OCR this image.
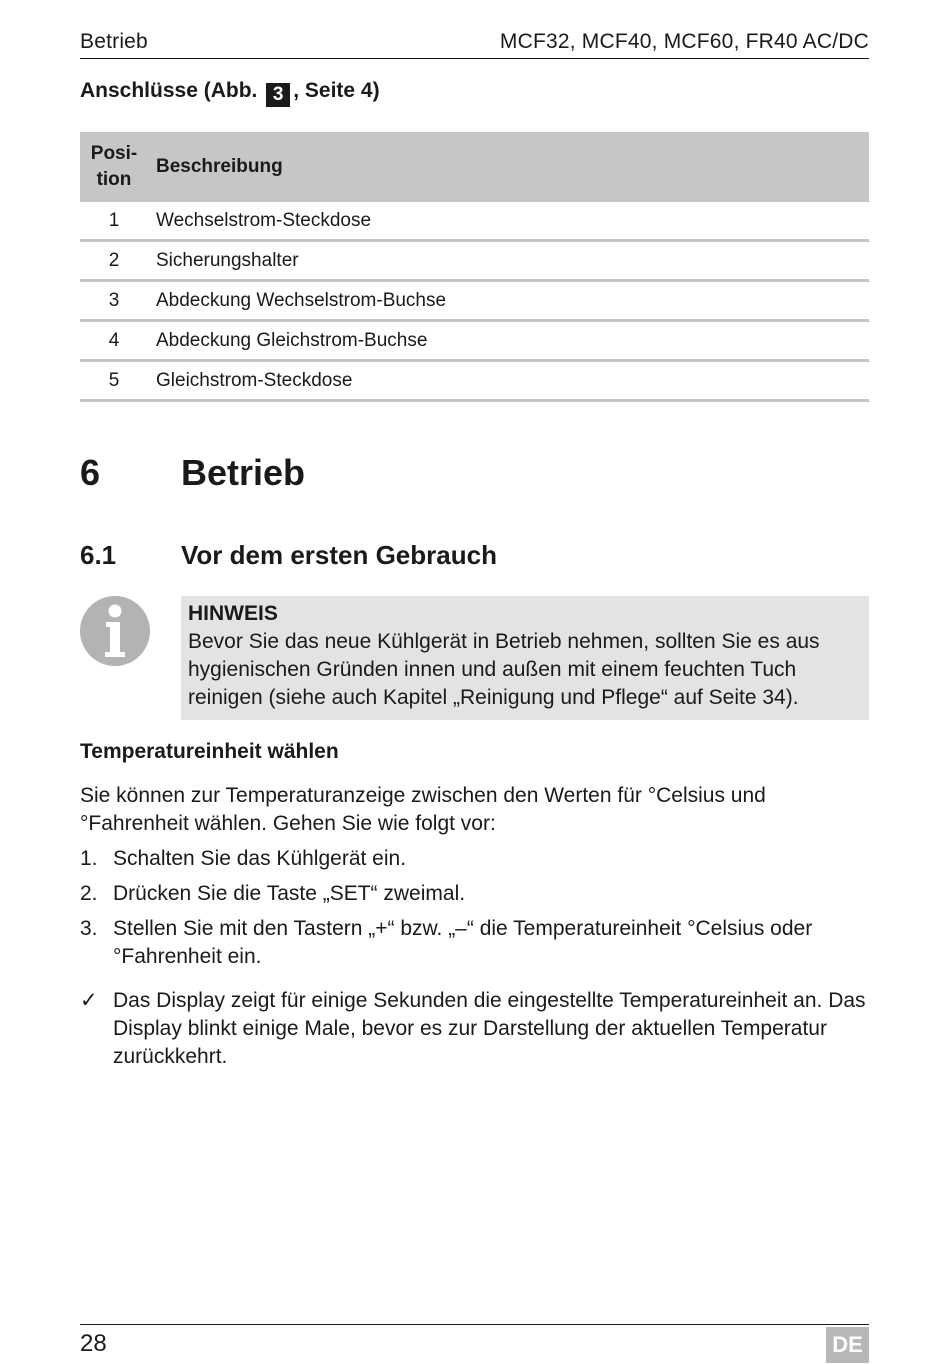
Betrieb	MCF32, MCF40, MCF60, FR40 AC/DC
Anschlüsse (Abb. 3 , Seite 4)
Posi-
tion	Beschreibung
1	Wechselstrom-Steckdose
2	Sicherungshalter
3	Abdeckung Wechselstrom-Buchse
4	Abdeckung Gleichstrom-Buchse
5	Gleichstrom-Steckdose
6	Betrieb
6.1	Vor dem ersten Gebrauch
HINWEIS
Bevor Sie das neue Kühlgerät in Betrieb nehmen, sollten Sie es aus hygienischen Gründen innen und außen mit einem feuchten Tuch reinigen (siehe auch Kapitel „Reinigung und Pflege“ auf Seite 34).
Temperatureinheit wählen
Sie können zur Temperaturanzeige zwischen den Werten für °Celsius und °Fahrenheit wählen. Gehen Sie wie folgt vor:
1. Schalten Sie das Kühlgerät ein.
2. Drücken Sie die Taste „SET“ zweimal.
3. Stellen Sie mit den Tastern „+“ bzw. „–“ die Temperatureinheit °Celsius oder °Fahrenheit ein.
✓ Das Display zeigt für einige Sekunden die eingestellte Temperatureinheit an. Das Display blinkt einige Male, bevor es zur Darstellung der aktuellen Temperatur zurückkehrt.
28	DE
